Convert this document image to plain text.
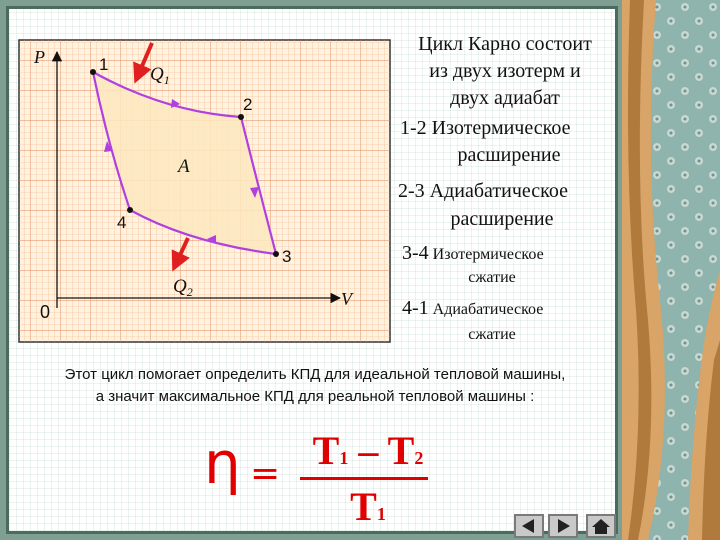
P
V
0
1
2
3
4
$Q_1$
$Q_2$
A
Цикл Карно состоит
из двух изотерм и
двух адиабат
1-2 Изотермическое
расширение
2-3 Адиабатическое
расширение
3-4 Изотермическое
сжатие
4-1 Адиабатическое
сжатие
Этот цикл помогает определить КПД для идеальной тепловой машины,
а значит максимальное КПД для реальной тепловой машины :
η =
T1 – T2
T1
